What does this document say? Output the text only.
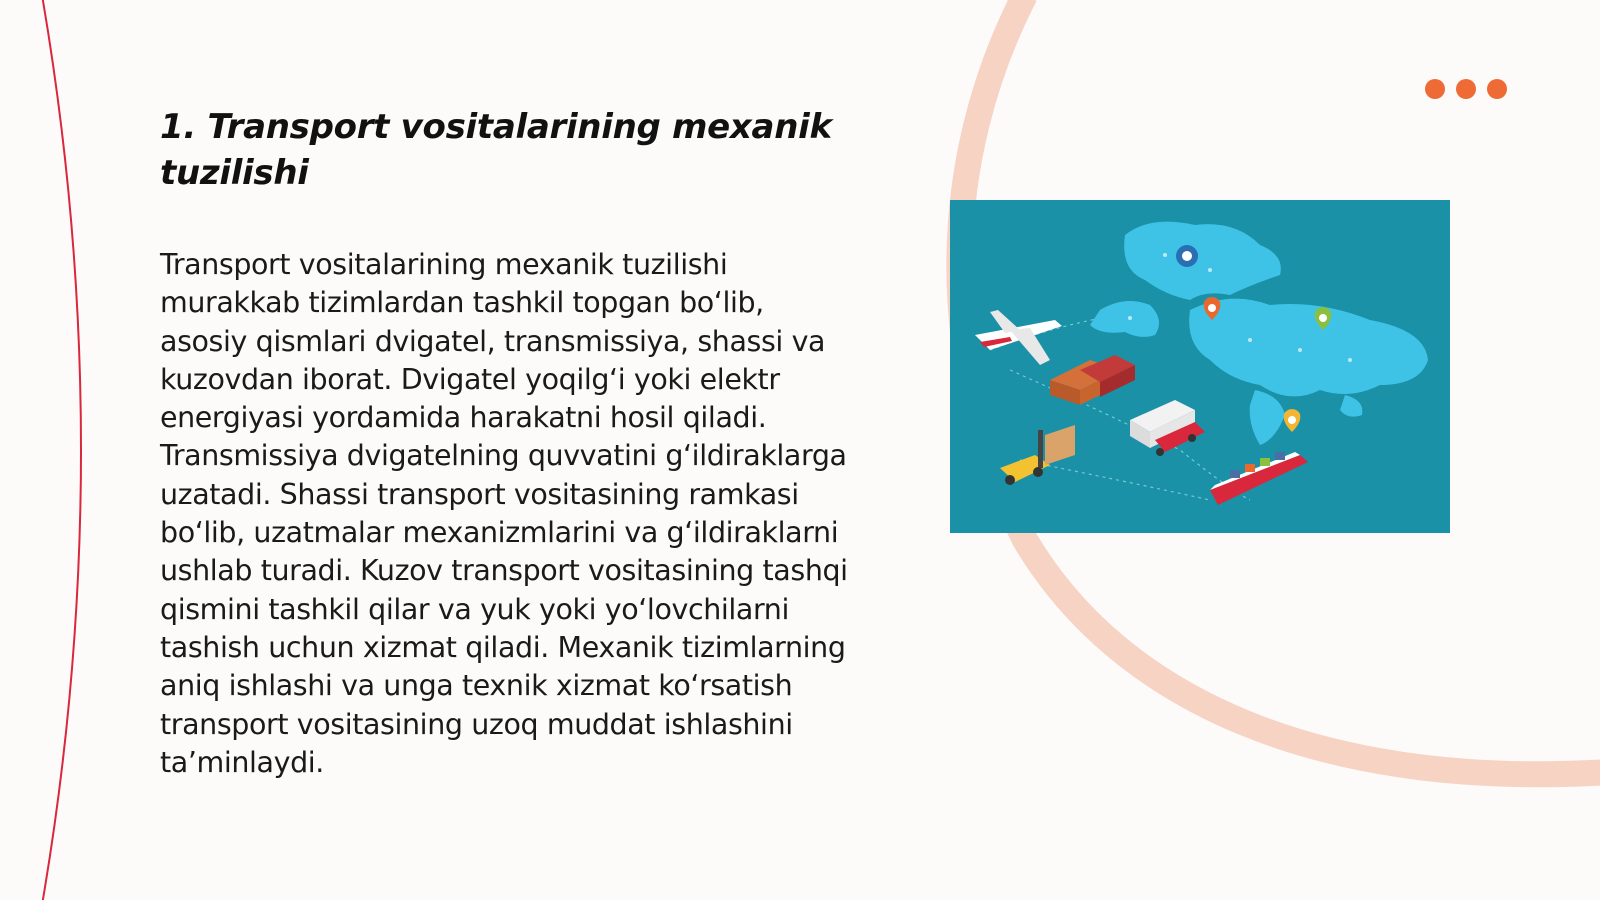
1. Transport vositalarining mexanik tuzilishi

Transport vositalarining mexanik tuzilishi murakkab tizimlardan tashkil topgan bo‘lib, asosiy qismlari dvigatel, transmissiya, shassi va kuzovdan iborat. Dvigatel yoqilg‘i yoki elektr energiyasi yordamida harakatni hosil qiladi. Transmissiya dvigatelning quvvatini g‘ildiraklarga uzatadi. Shassi transport vositasining ramkasi bo‘lib, uzatmalar mexanizmlarini va g‘ildiraklarni ushlab turadi. Kuzov transport vositasining tashqi qismini tashkil qilar va yuk yoki yo‘lovchilarni tashish uchun xizmat qiladi. Mexanik tizimlarning aniq ishlashi va unga texnik xizmat ko‘rsatish transport vositasining uzoq muddat ishlashini ta’minlaydi.
